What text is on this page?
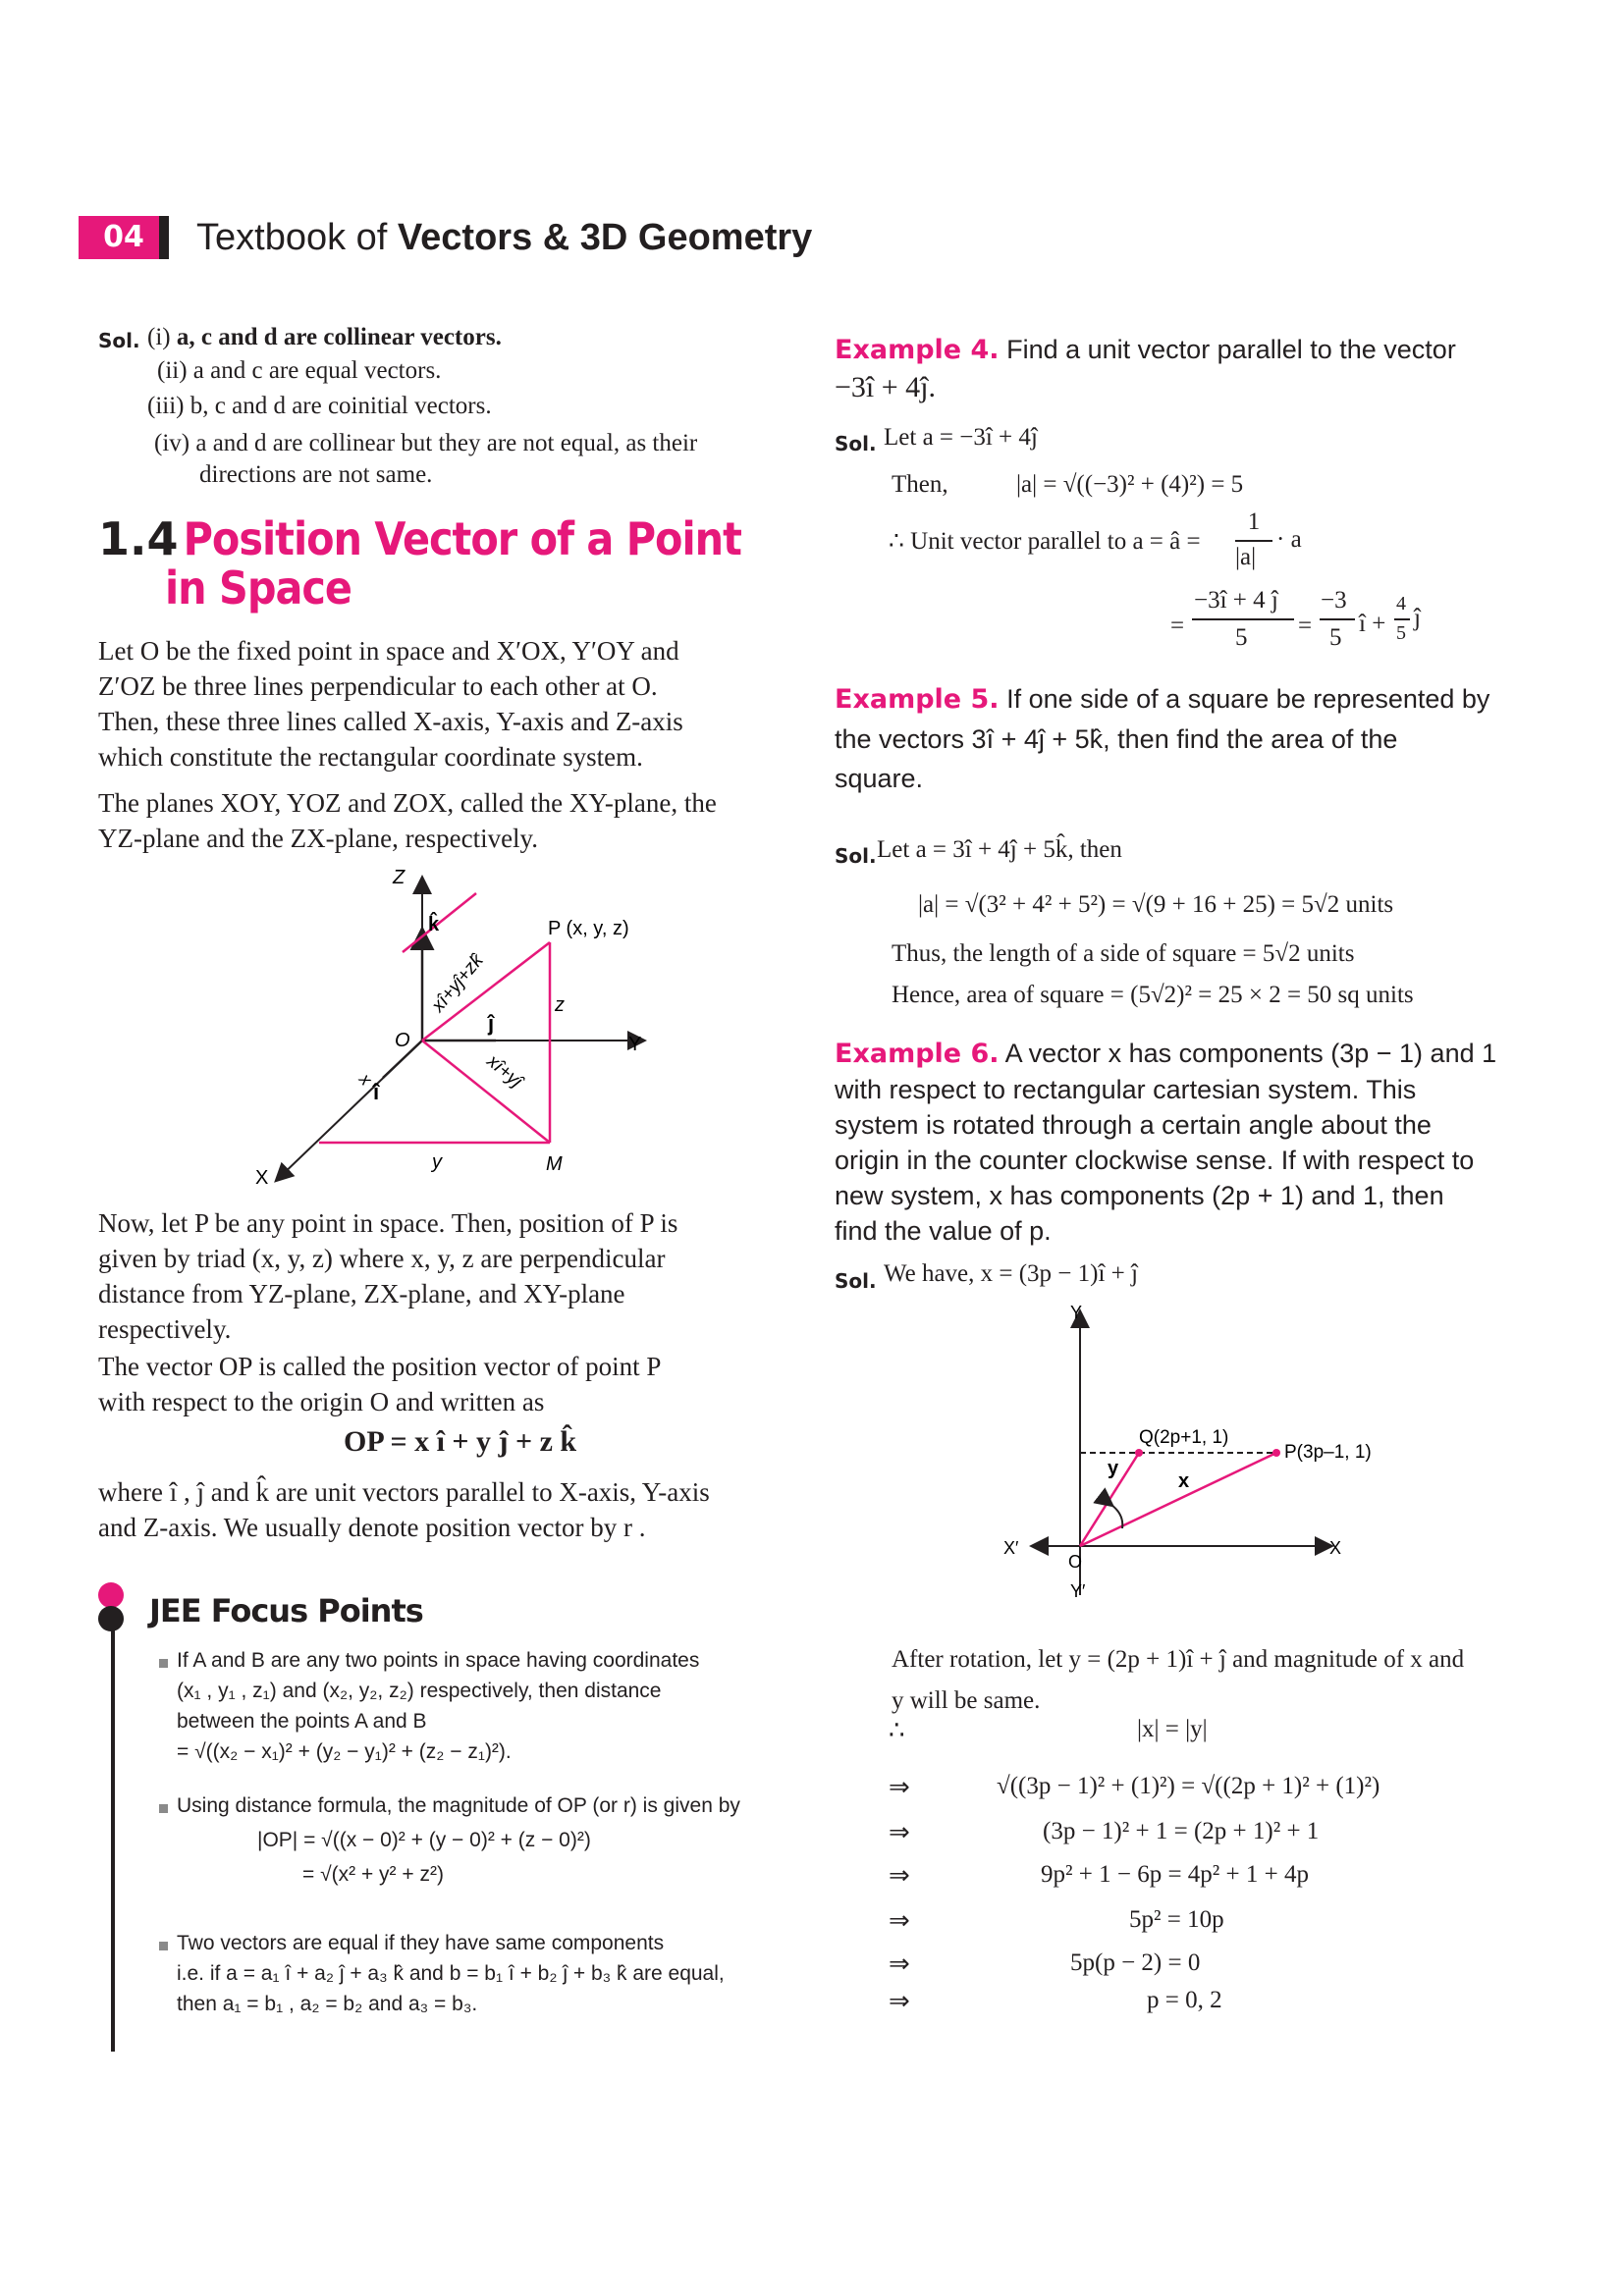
04	Textbook of Vectors & 3D Geometry
Sol. (i) a, c and d are collinear vectors.
(ii) a and c are equal vectors.
(iii) b, c and d are coinitial vectors.
(iv) a and d are collinear but they are not equal, as their
directions are not same.
1.4 Position Vector of a Point
in Space
Let O be the fixed point in space and X′OX, Y′OY and
Z′OZ be three lines perpendicular to each other at O.
Then, these three lines called X-axis, Y-axis and Z-axis
which constitute the rectangular coordinate system.
The planes XOY, YOZ and ZOX, called the XY-plane, the
YZ-plane and the ZX-plane, respectively.
Z
k̂	P (x, y, z)
z
ĵ
O	Y
î
x
y	M
X
xî+yĵ+zk̂
xî+yĵ
Now, let P be any point in space. Then, position of P is
given by triad (x, y, z) where x, y, z are perpendicular
distance from YZ-plane, ZX-plane, and XY-plane
respectively.
The vector OP is called the position vector of point P
with respect to the origin O and written as
OP = x î + y ĵ + z k̂
where î , ĵ and k̂ are unit vectors parallel to X-axis, Y-axis
and Z-axis. We usually denote position vector by r .
JEE Focus Points
If A and B are any two points in space having coordinates
(x₁ , y₁ , z₁) and (x₂, y₂, z₂) respectively, then distance
between the points A and B
= √((x₂ − x₁)² + (y₂ − y₁)² + (z₂ − z₁)²).
Using distance formula, the magnitude of OP (or r) is given by
|OP| = √((x − 0)² + (y − 0)² + (z − 0)²)
= √(x² + y² + z²)
Two vectors are equal if they have same components
i.e. if a = a₁ î + a₂ ĵ + a₃ k̂ and b = b₁ î + b₂ ĵ + b₃ k̂ are equal,
then a₁ = b₁ , a₂ = b₂ and a₃ = b₃.
Example 4. Find a unit vector parallel to the vector
−3î + 4ĵ.
Sol. Let a = −3î + 4ĵ
Then,	|a| = √((−3)² + (4)²) = 5
∴ Unit vector parallel to a = â =
1
|a|
· a
=
−3î + 4 ĵ
5 =
−3
5
î +
4
5
ĵ
Example 5. If one side of a square be represented by
the vectors 3î + 4ĵ + 5k̂, then find the area of the
square.
Sol. Let a = 3î + 4ĵ + 5k̂, then
|a| = √(3² + 4² + 5²) = √(9 + 16 + 25) = 5√2 units
Thus, the length of a side of square = 5√2 units
Hence, area of square = (5√2)² = 25 × 2 = 50 sq units
Example 6. A vector x has components (3p − 1) and 1
with respect to rectangular cartesian system. This
system is rotated through a certain angle about the
origin in the counter clockwise sense. If with respect to
new system, x has components (2p + 1) and 1, then
find the value of p.
Sol. We have, x = (3p − 1)î + ĵ
Y
Y′
X′	X
O
Q(2p+1, 1)
P(3p–1, 1)
y
x
After rotation, let y = (2p + 1)î + ĵ and magnitude of x and
y will be same.
∴	|x| = |y|
⇒	√((3p − 1)² + (1)²) = √((2p + 1)² + (1)²)
⇒	(3p − 1)² + 1 = (2p + 1)² + 1
⇒	9p² + 1 − 6p = 4p² + 1 + 4p
⇒	5p² = 10p
⇒	5p(p − 2) = 0
⇒	p = 0, 2
